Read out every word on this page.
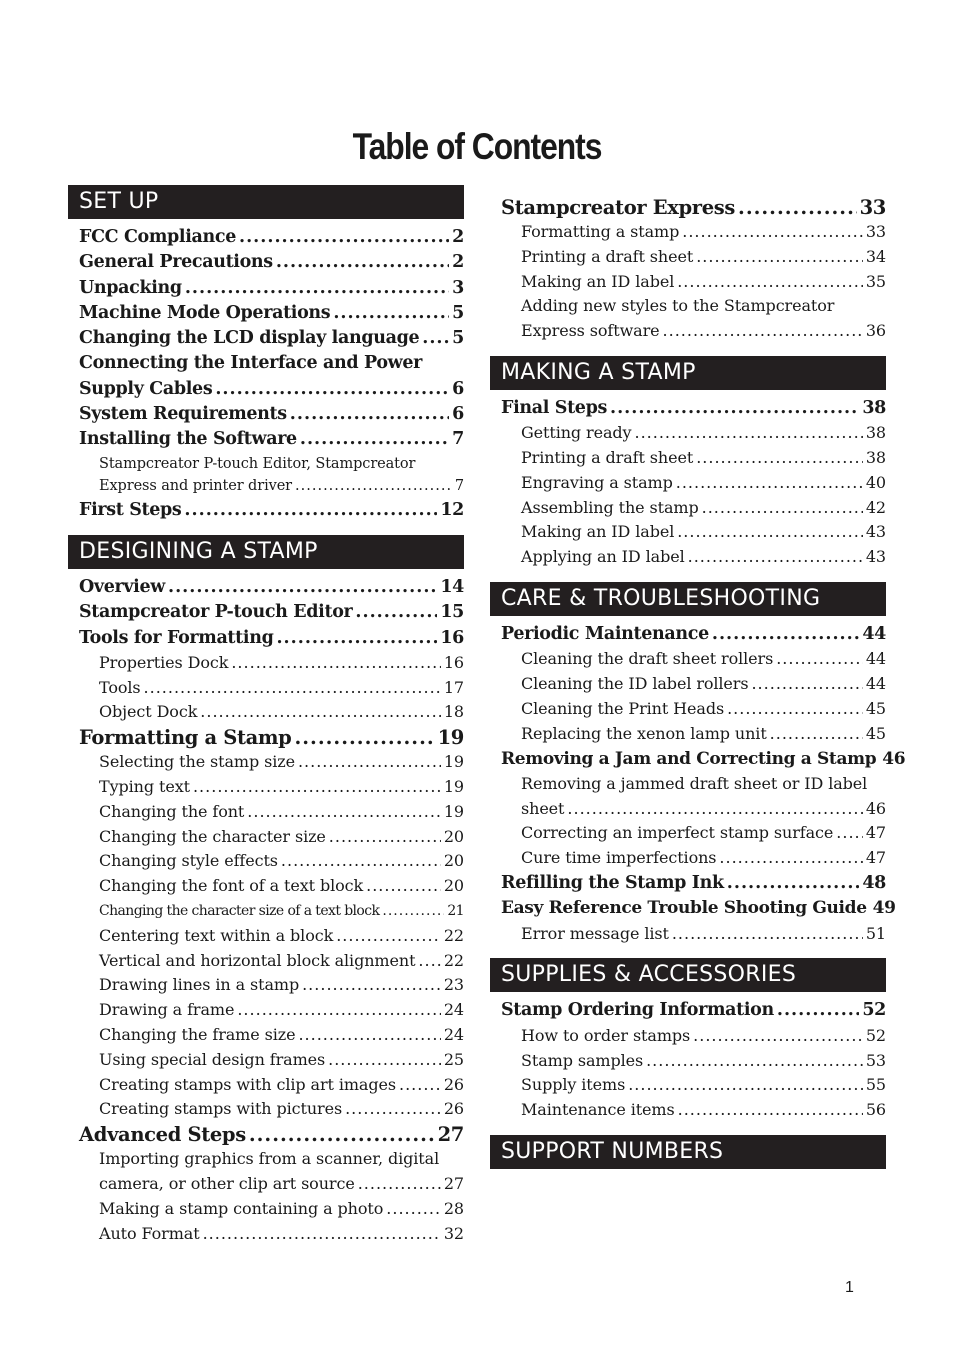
Table of Contents
SET UP
FCC Compliance .....	2
General Precautions .....	2
Unpacking .....	3
Machine Mode Operations .....	5
Changing the LCD display language ..... 5
Connecting the Interface and Power
Supply Cables .....	6
System Requirements .....	6
Installing the Software .....	7
Stampcreator P-touch Editor, Stampcreator
Express and printer driver .....	7
First Steps .....	12
DESIGINING A STAMP
Overview .....	14
Stampcreator P-touch Editor .....	15
Tools for Formatting .....	16
Properties Dock .....	16
Tools .....	17
Object Dock .....	18
Formatting a Stamp .....	19
Selecting the stamp size .....	19
Typing text .....	19
Changing the font .....	19
Changing the character size .....	20
Changing style effects .....	20
Changing the font of a text block .....	20
Changing the character size of a text block .....	21
Centering text within a block .....	22
Vertical and horizontal block alignment ..... 22
Drawing lines in a stamp .....	23
Drawing a frame .....	24
Changing the frame size .....	24
Using special design frames .....	25
Creating stamps with clip art images .....	26
Creating stamps with pictures .....	26
Advanced Steps .....	27
Importing graphics from a scanner, digital
camera, or other clip art source .....	27
Making a stamp containing a photo .....	28
Auto Format .....	32
Stampcreator Express .....	33
Formatting a stamp .....	33
Printing a draft sheet .....	34
Making an ID label .....	35
Adding new styles to the Stampcreator
Express software .....	36
MAKING A STAMP
Final Steps .....	38
Getting ready .....	38
Printing a draft sheet .....	38
Engraving a stamp .....	40
Assembling the stamp .....	42
Making an ID label .....	43
Applying an ID label .....	43
CARE & TROUBLESHOOTING
Periodic Maintenance .....	44
Cleaning the draft sheet rollers .....	44
Cleaning the ID label rollers .....	44
Cleaning the Print Heads .....	45
Replacing the xenon lamp unit .....	45
Removing a Jam and Correcting a Stamp 46
Removing a jammed draft sheet or ID label
sheet .....	46
Correcting an imperfect stamp surface ..... 47
Cure time imperfections .....	47
Refilling the Stamp Ink .....	48
Easy Reference Trouble Shooting Guide 49
Error message list .....	51
SUPPLIES & ACCESSORIES
Stamp Ordering Information .....	52
How to order stamps .....	52
Stamp samples .....	53
Supply items .....	55
Maintenance items .....	56
SUPPORT NUMBERS
1
